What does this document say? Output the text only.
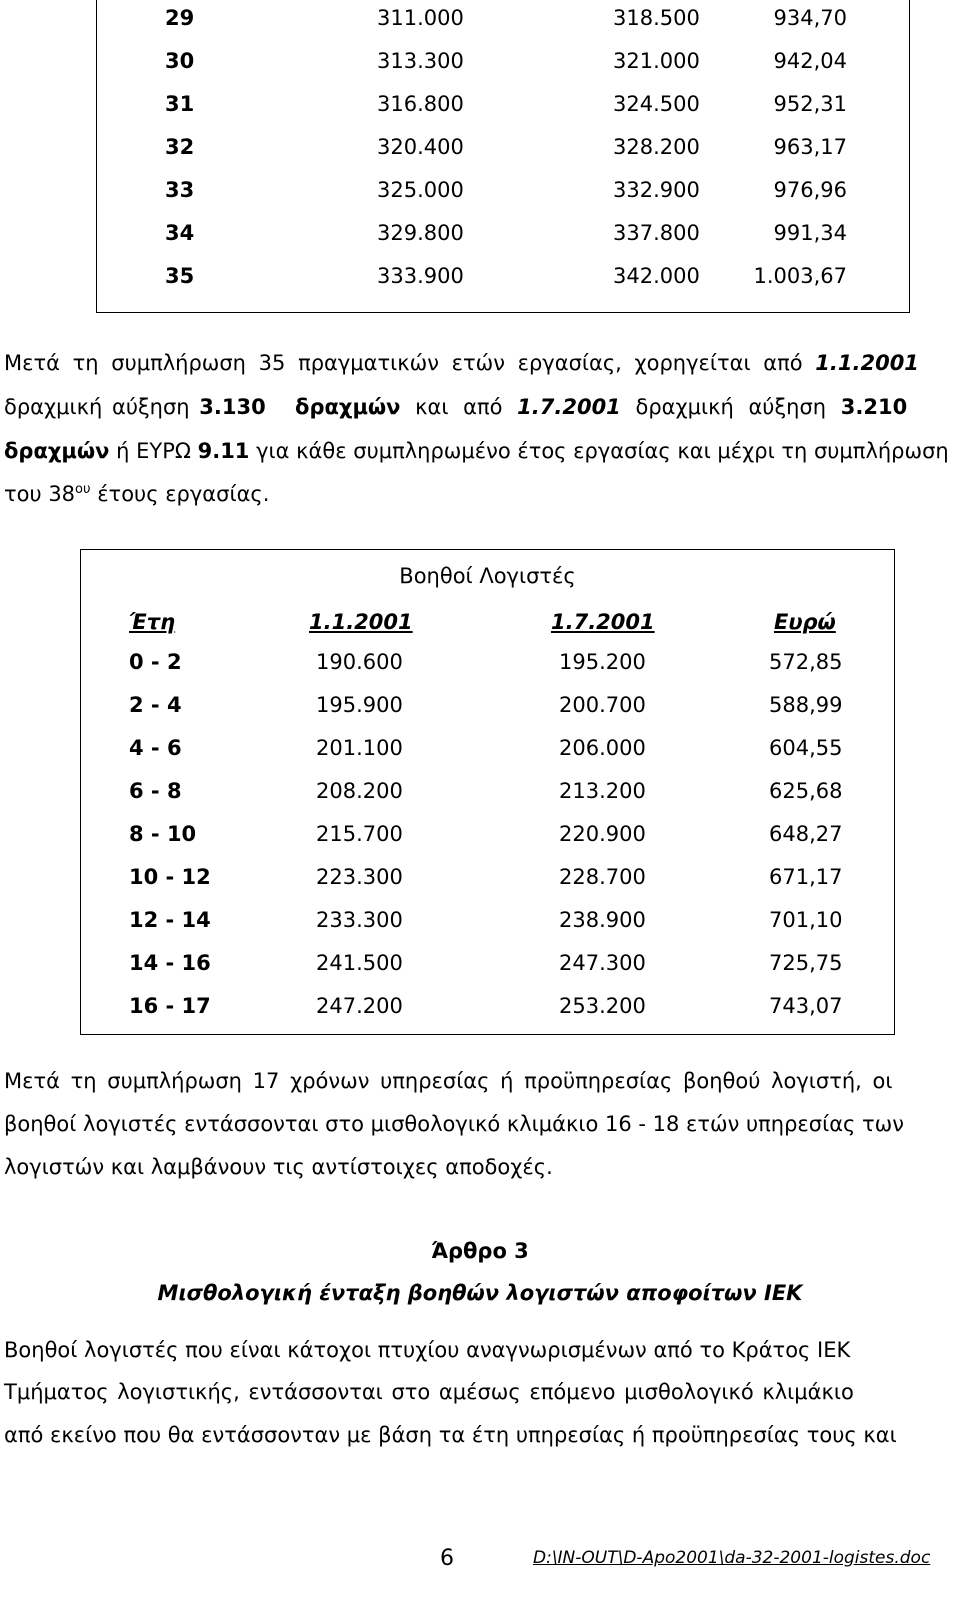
29	311.000	318.500	934,70
30	313.300	321.000	942,04
31	316.800	324.500	952,31
32	320.400	328.200	963,17
33	325.000	332.900	976,96
34	329.800	337.800	991,34
35	333.900	342.000	1.003,67
Μετά τη συμπλήρωση 35 πραγματικών ετών εργασίας, χορηγείται από 1.1.2001
δραχμική αύξηση 3.130 δραχμών και από 1.7.2001 δραχμική αύξηση 3.210
δραχμών ή ΕΥΡΩ 9.11 για κάθε συμπληρωμένο έτος εργασίας και μέχρι τη συμπλήρωση
του $38^{o\upsilon}$ έτους εργασίας.
Βοηθοί Λογιστές
Έτη	1.1.2001	1.7.2001	Ευρώ
0 - 2	190.600	195.200	572,85
2 - 4	195.900	200.700	588,99
4 - 6	201.100	206.000	604,55
6 - 8	208.200	213.200	625,68
8 - 10	215.700	220.900	648,27
10 - 12	223.300	228.700	671,17
12 - 14	233.300	238.900	701,10
14 - 16	241.500	247.300	725,75
16 - 17	247.200	253.200	743,07
Μετά τη συμπλήρωση 17 χρόνων υπηρεσίας ή προϋπηρεσίας βοηθού λογιστή, οι
βοηθοί λογιστές εντάσσονται στο μισθολογικό κλιμάκιο 16 - 18 ετών υπηρεσίας των
λογιστών και λαμβάνουν τις αντίστοιχες αποδοχές.
Άρθρο 3
Μισθολογική ένταξη βοηθών λογιστών αποφοίτων ΙΕΚ
Βοηθοί λογιστές που είναι κάτοχοι πτυχίου αναγνωρισμένων από το Κράτος ΙΕΚ
Τμήματος λογιστικής, εντάσσονται στο αμέσως επόμενο μισθολογικό κλιμάκιο
από εκείνο που θα εντάσσονταν με βάση τα έτη υπηρεσίας ή προϋπηρεσίας τους και
6	D:\IN-OUT\D-Apo2001\da-32-2001-logistes.doc
